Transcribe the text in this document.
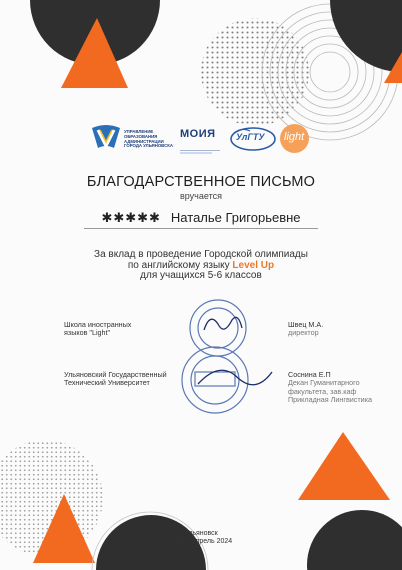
УПРАВЛЕНИЕ ОБРАЗОВАНИЯ АДМИНИСТРАЦИИ ГОРОДА УЛЬЯНОВСКА
МОИЯ УлГТУ light
БЛАГОДАРСТВЕННОЕ ПИСЬМО
вручается
✱✱✱✱✱ Наталье Григорьевне
За вклад в проведение Городской олимпиады
по английскому языку Level Up
для учащихся 5-6 классов
Школа иностранных
языков "Light"
Швец М.А.
директор
Ульяновский Государственный
Технический Университет
Соснина Е.П
Декан Гуманитарного
факультета, зав.каф
Прикладная Лингвистика
Ульяновск
март - апрель 2024
